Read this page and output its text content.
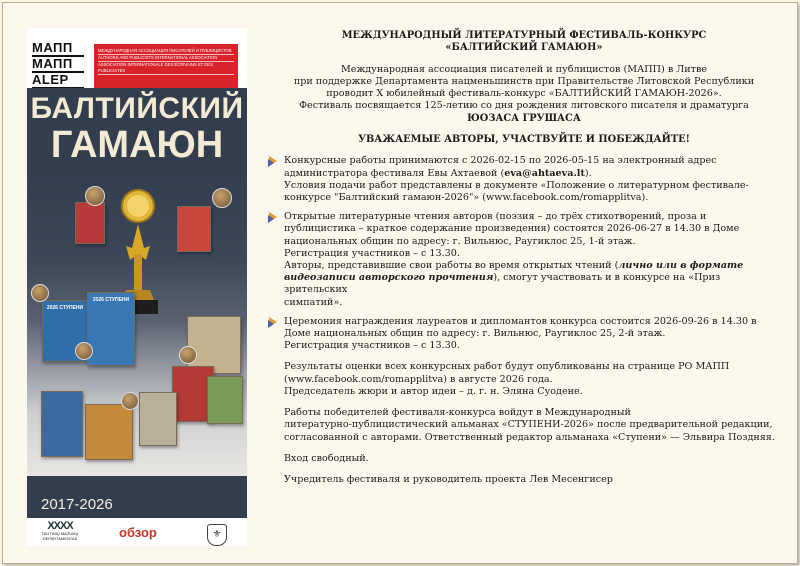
МАПП
МАПП
ALEP
МЕЖДУНАРОДНАЯ АССОЦИАЦИЯ ПИСАТЕЛЕЙ И ПУБЛИЦИСТОВ
AUTHORS AND PUBLICISTS INTERNATIONAL ASSOCIATION
ASSOCIATION INTERNATIONALE DES ÉCRIVAINS ET DES PUBLICISTES
БАЛТИЙСКИЙ
ГАМАЮН
2026 СТУПЕНИ
2026 СТУПЕНИ
2017-2026
XXXX
TAUTINIŲ MAŽUMŲ DEPARTAMENTAS	обзор	⚜
МЕЖДУНАРОДНЫЙ ЛИТЕРАТУРНЫЙ ФЕСТИВАЛЬ-КОНКУРС
«БАЛТИЙСКИЙ ГАМАЮН»
Международная ассоциация писателей и публицистов (МАПП) в Литве
при поддержке Департамента нацменьшинств при Правительстве Литовской Республики
проводит X юбилейный фестиваль-конкурс «БАЛТИЙСКИЙ ГАМАЮН-2026».
Фестиваль посвящается 125-летию со дня рождения литовского писателя и драматурга
ЮОЗАСА ГРУШАСА
УВАЖАЕМЫЕ АВТОРЫ, УЧАСТВУЙТЕ И ПОБЕЖДАЙТЕ!
Конкурсные работы принимаются с 2026-02-15 по 2026-05-15 на электронный адрес
администратора фестиваля Евы Ахтаевой (eva@ahtaeva.lt).
Условия подачи работ представлены в документе «Положение о литературном фестивале-
конкурсе "Балтийский гамаюн-2026"» (www.facebook.com/romapplitva).
Открытые литературные чтения авторов (поэзия – до трёх стихотворений, проза и
публицистика – краткое содержание произведения) состоятся 2026-06-27 в 14.30 в Доме
национальных общин по адресу: г. Вильнюс, Раугиклос 25, 1-й этаж.
Регистрация участников – с 13.30.
Авторы, представившие свои работы во время открытых чтений (лично или в формате
видеозаписи авторского прочтения), смогут участвовать и в конкурсе на «Приз зрительских
симпатий».
Церемония награждения лауреатов и дипломантов конкурса состоится 2026-09-26 в 14.30 в
Доме национальных общин по адресу: г. Вильнюс, Раугиклос 25, 2-й этаж.
Регистрация участников – с 13.30.
Результаты оценки всех конкурсных работ будут опубликованы на странице РО МАПП
(www.facebook.com/romapplitva) в августе 2026 года.
Председатель жюри и автор идеи – д. г. н. Эляна Суодене.
Работы победителей фестиваля-конкурса войдут в Международный
литературно-публицистический альманах «СТУПЕНИ-2026» после предварительной редакции,
согласованной с авторами. Ответственный редактор альманаха «Ступени» — Эльвира Поздняя.
Вход свободный.
Учредитель фестиваля и руководитель проекта Лев Месенгисер
